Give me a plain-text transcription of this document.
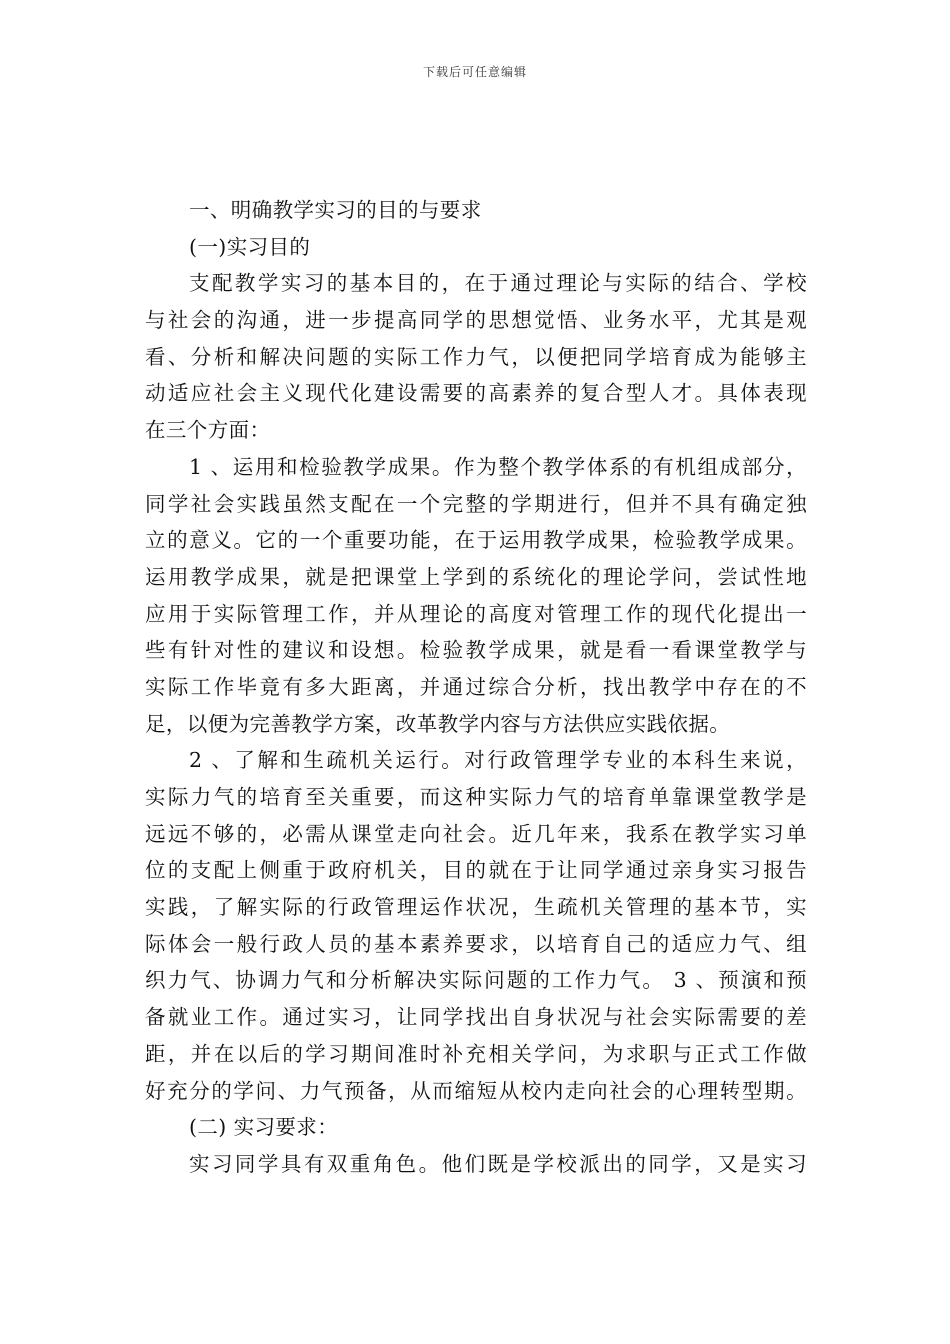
下载后可任意编辑
一、明确教学实习的目的与要求
(一)实习目的
支配教学实习的基本目的，在于通过理论与实际的结合、学校
与社会的沟通，进一步提高同学的思想觉悟、业务水平，尤其是观
看、分析和解决问题的实际工作力气，以便把同学培育成为能够主
动适应社会主义现代化建设需要的高素养的复合型人才。具体表现
在三个方面：
1 、运用和检验教学成果。作为整个教学体系的有机组成部分，
同学社会实践虽然支配在一个完整的学期进行，但并不具有确定独
立的意义。它的一个重要功能，在于运用教学成果，检验教学成果。
运用教学成果，就是把课堂上学到的系统化的理论学问，尝试性地
应用于实际管理工作，并从理论的高度对管理工作的现代化提出一
些有针对性的建议和设想。检验教学成果，就是看一看课堂教学与
实际工作毕竟有多大距离，并通过综合分析，找出教学中存在的不
足，以便为完善教学方案，改革教学内容与方法供应实践依据。
2 、了解和生疏机关运行。对行政管理学专业的本科生来说，
实际力气的培育至关重要，而这种实际力气的培育单靠课堂教学是
远远不够的，必需从课堂走向社会。近几年来，我系在教学实习单
位的支配上侧重于政府机关，目的就在于让同学通过亲身实习报告
实践，了解实际的行政管理运作状况，生疏机关管理的基本节，实
际体会一般行政人员的基本素养要求，以培育自己的适应力气、组
织力气、协调力气和分析解决实际问题的工作力气。 3 、预演和预
备就业工作。通过实习，让同学找出自身状况与社会实际需要的差
距，并在以后的学习期间准时补充相关学问，为求职与正式工作做
好充分的学问、力气预备，从而缩短从校内走向社会的心理转型期。
(二) 实习要求：
实习同学具有双重角色。他们既是学校派出的同学，又是实习
